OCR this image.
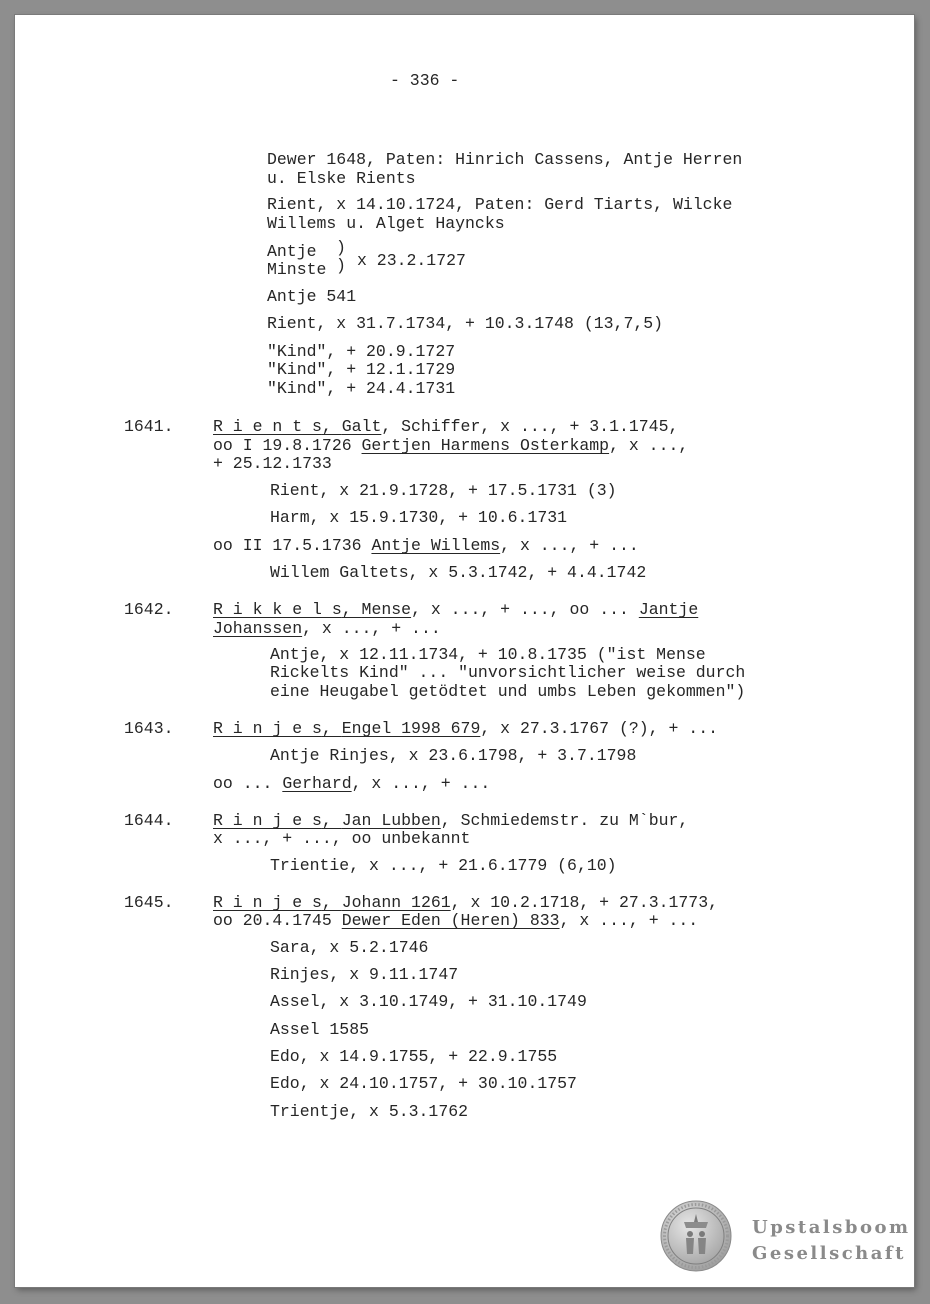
- 336 -
Dewer 1648, Paten: Hinrich Cassens, Antje Herren
u. Elske Rients
Rient, x 14.10.1724, Paten: Gerd Tiarts, Wilcke
Willems u. Alget Hayncks
Antje
Minste
)
) x 23.2.1727
Antje 541
Rient, x 31.7.1734, + 10.3.1748 (13,7,5)
"Kind", + 20.9.1727
"Kind", + 12.1.1729
"Kind", + 24.4.1731
1641. R i e n t s, Galt, Schiffer, x ..., + 3.1.1745,
oo I 19.8.1726 Gertjen Harmens Osterkamp, x ...,
+ 25.12.1733
Rient, x 21.9.1728, + 17.5.1731 (3)
Harm, x 15.9.1730, + 10.6.1731
oo II 17.5.1736 Antje Willems, x ..., + ...
Willem Galtets, x 5.3.1742, + 4.4.1742
1642. R i k k e l s, Mense, x ..., + ..., oo ... Jantje
Johanssen, x ..., + ...
Antje, x 12.11.1734, + 10.8.1735 ("ist Mense
Rickelts Kind" ... "unvorsichtlicher weise durch
eine Heugabel getödtet und umbs Leben gekommen")
1643. R i n j e s, Engel 1998 679, x 27.3.1767 (?), + ...
Antje Rinjes, x 23.6.1798, + 3.7.1798
oo ... Gerhard, x ..., + ...
1644. R i n j e s, Jan Lubben, Schmiedemstr. zu M`bur,
x ..., + ..., oo unbekannt
Trientie, x ..., + 21.6.1779 (6,10)
1645. R i n j e s, Johann 1261, x 10.2.1718, + 27.3.1773,
oo 20.4.1745 Dewer Eden (Heren) 833, x ..., + ...
Sara, x 5.2.1746
Rinjes, x 9.11.1747
Assel, x 3.10.1749, + 31.10.1749
Assel 1585
Edo, x 14.9.1755, + 22.9.1755
Edo, x 24.10.1757, + 30.10.1757
Trientje, x 5.3.1762
Upstalsboom
Gesellschaft
